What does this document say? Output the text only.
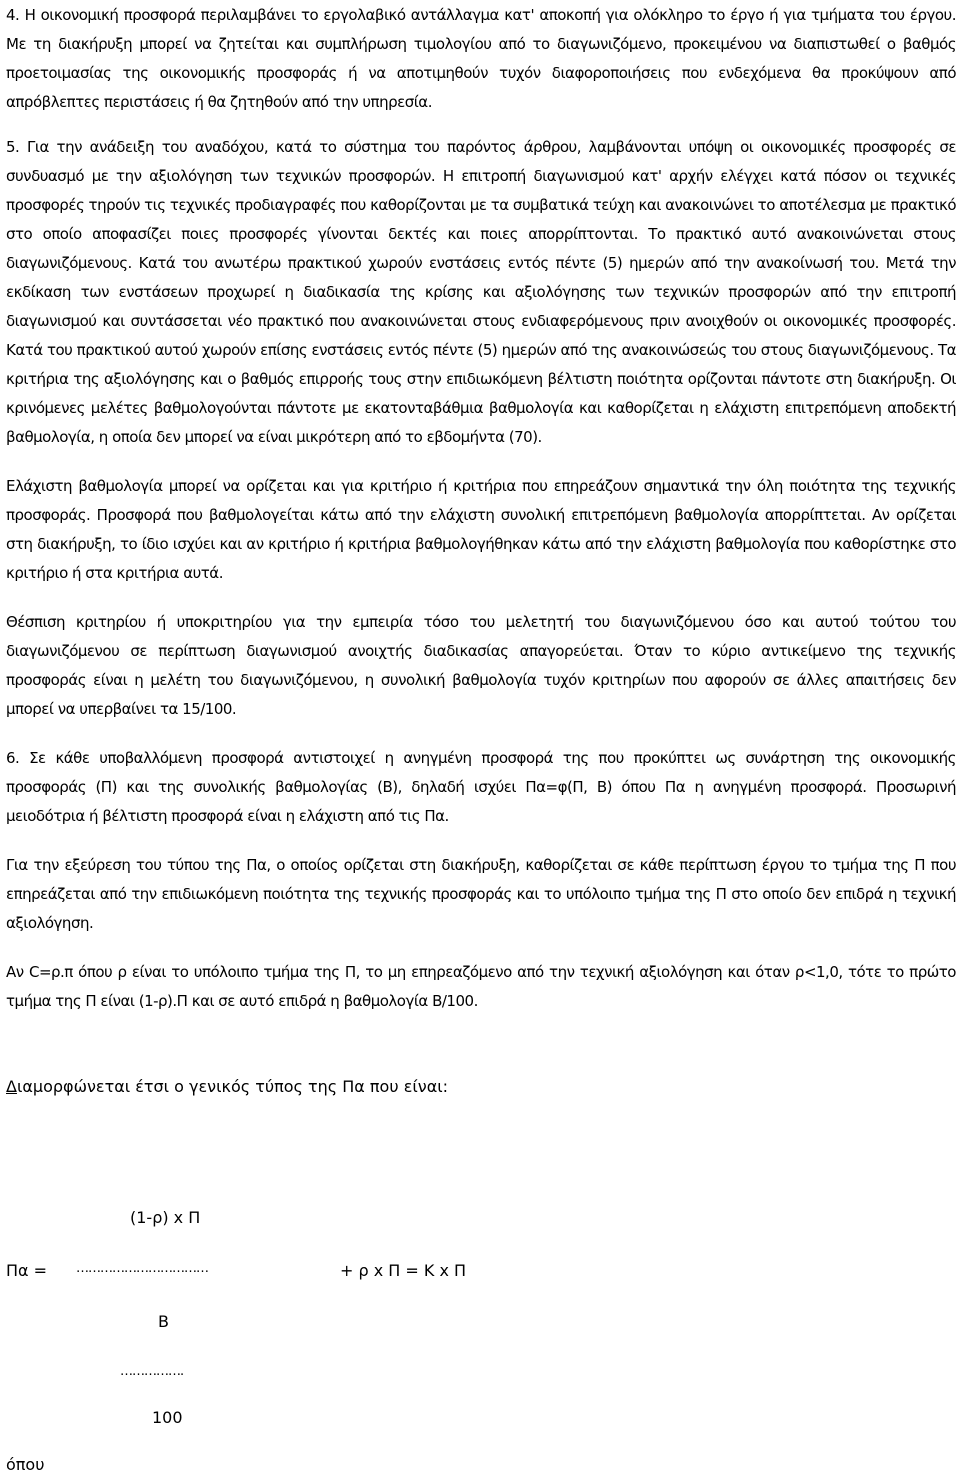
4. Η οικονομική προσφορά περιλαμβάνει το εργολαβικό αντάλλαγμα κατ' αποκοπή για ολόκληρο το έργο ή για τμήματα του έργου. Με τη διακήρυξη μπορεί να ζητείται και συμπλήρωση τιμολογίου από το διαγωνιζόμενο, προκειμένου να διαπιστωθεί ο βαθμός προετοιμασίας της οικονομικής προσφοράς ή να αποτιμηθούν τυχόν διαφοροποιήσεις που ενδεχόμενα θα προκύψουν από απρόβλεπτες περιστάσεις ή θα ζητηθούν από την υπηρεσία.

5. Για την ανάδειξη του αναδόχου, κατά το σύστημα του παρόντος άρθρου, λαμβάνονται υπόψη οι οικονομικές προσφορές σε συνδυασμό με την αξιολόγηση των τεχνικών προσφορών. Η επιτροπή διαγωνισμού κατ' αρχήν ελέγχει κατά πόσον οι τεχνικές προσφορές τηρούν τις τεχνικές προδιαγραφές που καθορίζονται με τα συμβατικά τεύχη και ανακοινώνει το αποτέλεσμα με πρακτικό στο οποίο αποφασίζει ποιες προσφορές γίνονται δεκτές και ποιες απορρίπτονται. Το πρακτικό αυτό ανακοινώνεται στους διαγωνιζόμενους. Κατά του ανωτέρω πρακτικού χωρούν ενστάσεις εντός πέντε (5) ημερών από την ανακοίνωσή του. Μετά την εκδίκαση των ενστάσεων προχωρεί η διαδικασία της κρίσης και αξιολόγησης των τεχνικών προσφορών από την επιτροπή διαγωνισμού και συντάσσεται νέο πρακτικό που ανακοινώνεται στους ενδιαφερόμενους πριν ανοιχθούν οι οικονομικές προσφορές. Κατά του πρακτικού αυτού χωρούν επίσης ενστάσεις εντός πέντε (5) ημερών από της ανακοινώσεώς του στους διαγωνιζόμενους. Τα κριτήρια της αξιολόγησης και ο βαθμός επιρροής τους στην επιδιωκόμενη βέλτιστη ποιότητα ορίζονται πάντοτε στη διακήρυξη. Οι κρινόμενες μελέτες βαθμολογούνται πάντοτε με εκατονταβάθμια βαθμολογία και καθορίζεται η ελάχιστη επιτρεπόμενη αποδεκτή βαθμολογία, η οποία δεν μπορεί να είναι μικρότερη από το εβδομήντα (70).

Ελάχιστη βαθμολογία μπορεί να ορίζεται και για κριτήριο ή κριτήρια που επηρεάζουν σημαντικά την όλη ποιότητα της τεχνικής προσφοράς. Προσφορά που βαθμολογείται κάτω από την ελάχιστη συνολική επιτρεπόμενη βαθμολογία απορρίπτεται. Αν ορίζεται στη διακήρυξη, το ίδιο ισχύει και αν κριτήριο ή κριτήρια βαθμολογήθηκαν κάτω από την ελάχιστη βαθμολογία που καθορίστηκε στο κριτήριο ή στα κριτήρια αυτά.

Θέσπιση κριτηρίου ή υποκριτηρίου για την εμπειρία τόσο του μελετητή του διαγωνιζόμενου όσο και αυτού τούτου του διαγωνιζόμενου σε περίπτωση διαγωνισμού ανοιχτής διαδικασίας απαγορεύεται. Όταν το κύριο αντικείμενο της τεχνικής προσφοράς είναι η μελέτη του διαγωνιζόμενου, η συνολική βαθμολογία τυχόν κριτηρίων που αφορούν σε άλλες απαιτήσεις δεν μπορεί να υπερβαίνει τα 15/100.

6. Σε κάθε υποβαλλόμενη προσφορά αντιστοιχεί η ανηγμένη προσφορά της που προκύπτει ως συνάρτηση της οικονομικής προσφοράς (Π) και της συνολικής βαθμολογίας (Β), δηλαδή ισχύει Πα=φ(Π, Β) όπου Πα η ανηγμένη προσφορά. Προσωρινή μειοδότρια ή βέλτιστη προσφορά είναι η ελάχιστη από τις Πα.

Για την εξεύρεση του τύπου της Πα, ο οποίος ορίζεται στη διακήρυξη, καθορίζεται σε κάθε περίπτωση έργου το τμήμα της Π που επηρεάζεται από την επιδιωκόμενη ποιότητα της τεχνικής προσφοράς και το υπόλοιπο τμήμα της Π στο οποίο δεν επιδρά η τεχνική αξιολόγηση.

Αν C=ρ.π όπου ρ είναι το υπόλοιπο τμήμα της Π, το μη επηρεαζόμενο από την τεχνική αξιολόγηση και όταν ρ<1,0, τότε το πρώτο τμήμα της Π είναι (1-ρ).Π και σε αυτό επιδρά η βαθμολογία Β/100.

Διαμορφώνεται έτσι ο γενικός τύπος της Πα που είναι:
(1-ρ) x Π
Πα = ……………………………	+ ρ x Π = Κ x Π
Β
…………….
100
όπου
